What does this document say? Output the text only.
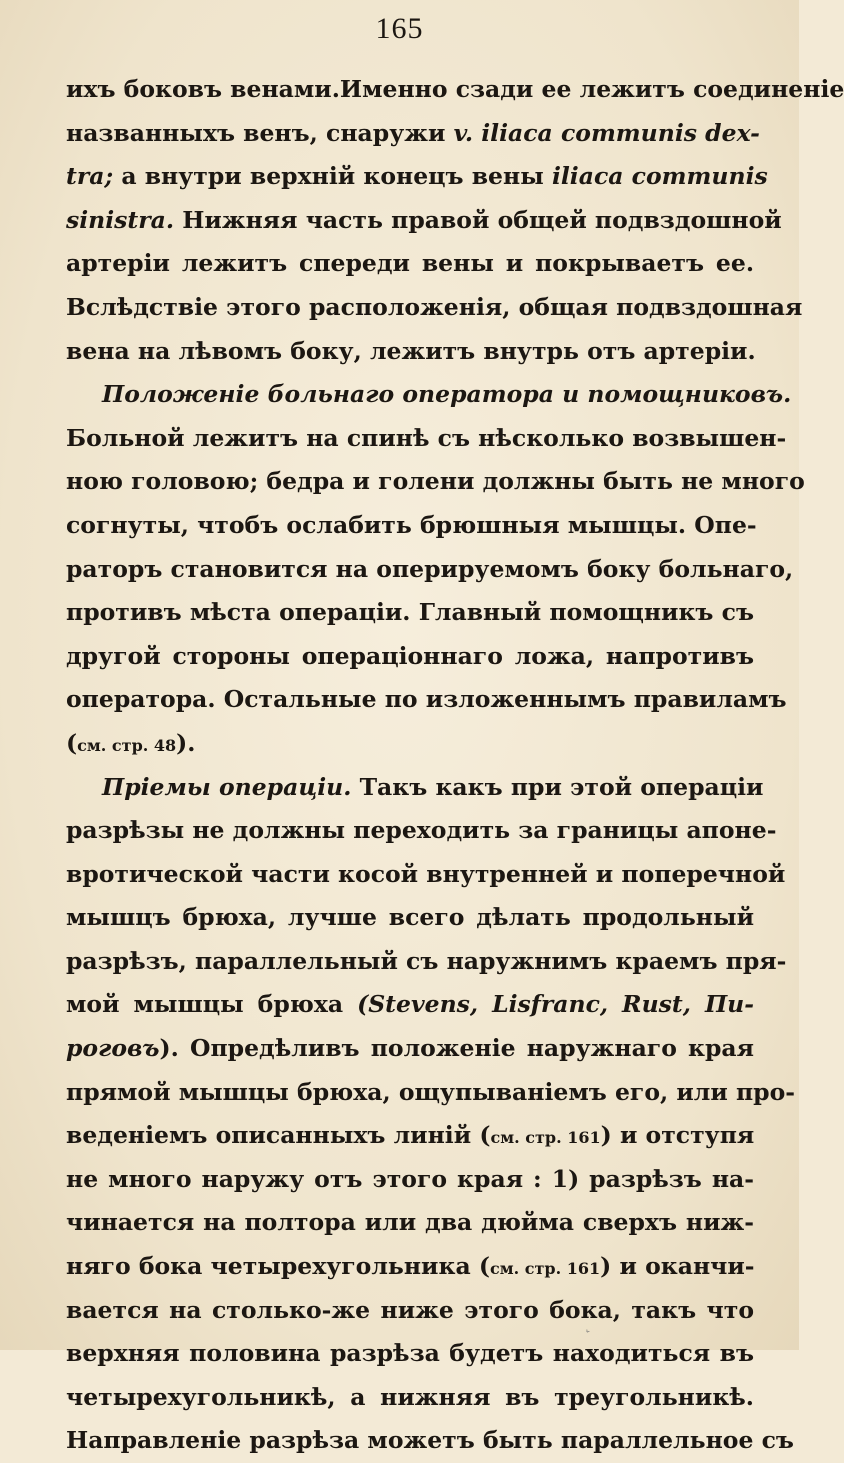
165
ихъ боковъ венами.Именно сзади ее лежитъ соединенiе
названныхъ венъ, снаружи v. iliaca communis dex-
tra; а внутри верхнiй конецъ вены iliaca communis
sinistra. Нижняя часть правой общей подвздошной
артерiи лежитъ спереди вены и покрываетъ ее.
Вслѣдствiе этого расположенiя, общая подвздошная
вена на лѣвомъ боку, лежитъ внутрь отъ артерiи.
Положенiе больнаго оператора и помощниковъ.
Больной лежитъ на спинѣ съ нѣсколько возвышен-
ною головою; бедра и голени должны быть не много
согнуты, чтобъ ослабить брюшныя мышцы. Опе-
раторъ становится на оперируемомъ боку больнаго,
противъ мѣста операцiи. Главный помощникъ съ
другой стороны операцiоннаго ложа, напротивъ
оператора. Остальные по изложеннымъ правиламъ
(см. стр. 48).
Прiемы операцiи. Такъ какъ при этой операцiи
разрѣзы не должны переходить за границы апоне-
вротической части косой внутренней и поперечной
мышцъ брюха, лучше всего дѣлать продольный
разрѣзъ, параллельный съ наружнимъ краемъ пря-
мой мышцы брюха (Stevens, Lisfranc, Rust, Пи-
роговъ). Опредѣливъ положенiе наружнаго края
прямой мышцы брюха, ощупыванiемъ его, или про-
веденiемъ описанныхъ линiй (см. стр. 161) и отступя
не много наружу отъ этого края : 1) разрѣзъ на-
чинается на полтора или два дюйма сверхъ ниж-
няго бока четырехугольника (см. стр. 161) и оканчи-
вается на столько-же ниже этого бока, такъ что
верхняя половина разрѣза будетъ находиться въ
четырехугольникѣ, а нижняя въ треугольникѣ.
Направленiе разрѣза можетъ быть параллельное съ
ˇ
